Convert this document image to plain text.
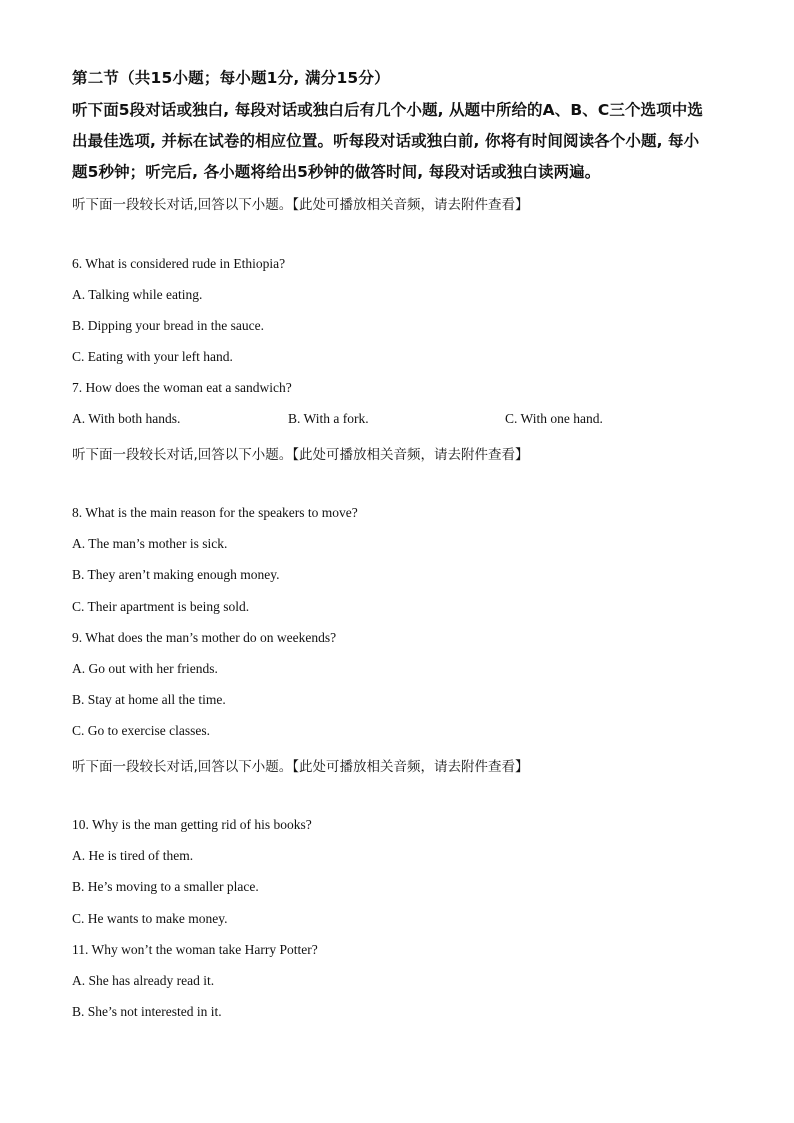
第二节（共15小题；每小题1分, 满分15分）
听下面5段对话或独白, 每段对话或独白后有几个小题, 从题中所给的A、B、C三个选项中选
出最佳选项, 并标在试卷的相应位置。听每段对话或独白前, 你将有时间阅读各个小题, 每小
题5秒钟；听完后, 各小题将给出5秒钟的做答时间, 每段对话或独白读两遍。
听下面一段较长对话,回答以下小题。【此处可播放相关音频，请去附件查看】
6. What is considered rude in Ethiopia?
A. Talking while eating.
B. Dipping your bread in the sauce.
C. Eating with your left hand.
7. How does the woman eat a sandwich?
A. With both hands.	B. With a fork.	C. With one hand.
听下面一段较长对话,回答以下小题。【此处可播放相关音频，请去附件查看】
8. What is the main reason for the speakers to move?
A. The man’s mother is sick.
B. They aren’t making enough money.
C. Their apartment is being sold.
9. What does the man’s mother do on weekends?
A. Go out with her friends.
B. Stay at home all the time.
C. Go to exercise classes.
听下面一段较长对话,回答以下小题。【此处可播放相关音频，请去附件查看】
10. Why is the man getting rid of his books?
A. He is tired of them.
B. He’s moving to a smaller place.
C. He wants to make money.
11. Why won’t the woman take Harry Potter?
A. She has already read it.
B. She’s not interested in it.
